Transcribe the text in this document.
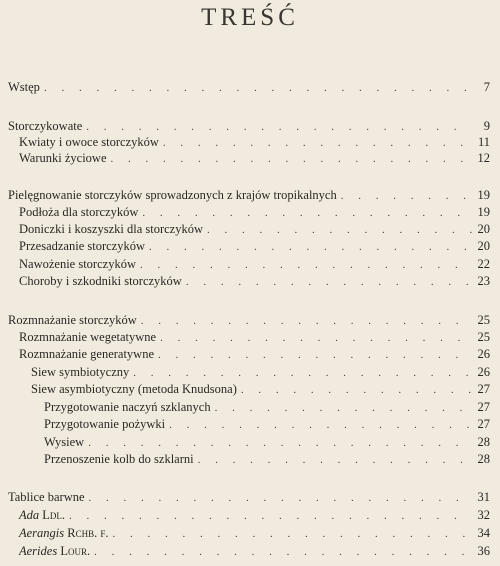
TREŚĆ
Wstęp . . .	7
Storczykowate . . .	9
Kwiaty i owoce storczyków . . .	11
Warunki życiowe . . .	12
Pielęgnowanie storczyków sprowadzonych z krajów tropikalnych . . .	19
Podłoża dla storczyków . . .	19
Doniczki i koszyszki dla storczyków . . .	20
Przesadzanie storczyków . . .	20
Nawożenie storczyków . . .	22
Choroby i szkodniki storczyków . . .	23
Rozmnażanie storczyków . . .	25
Rozmnażanie wegetatywne . . .	25
Rozmnażanie generatywne . . .	26
Siew symbiotyczny . . .	26
Siew asymbiotyczny (metoda Knudsona) . . .	27
Przygotowanie naczyń szklanych . . .	27
Przygotowanie pożywki . . .	27
Wysiew . . .	28
Przenoszenie kolb do szklarni . . .	28
Tablice barwne . . .	31
Ada Ldl. . . .	32
Aerangis Rchb. f. . . .	34
Aerides Lour. . . .	36
